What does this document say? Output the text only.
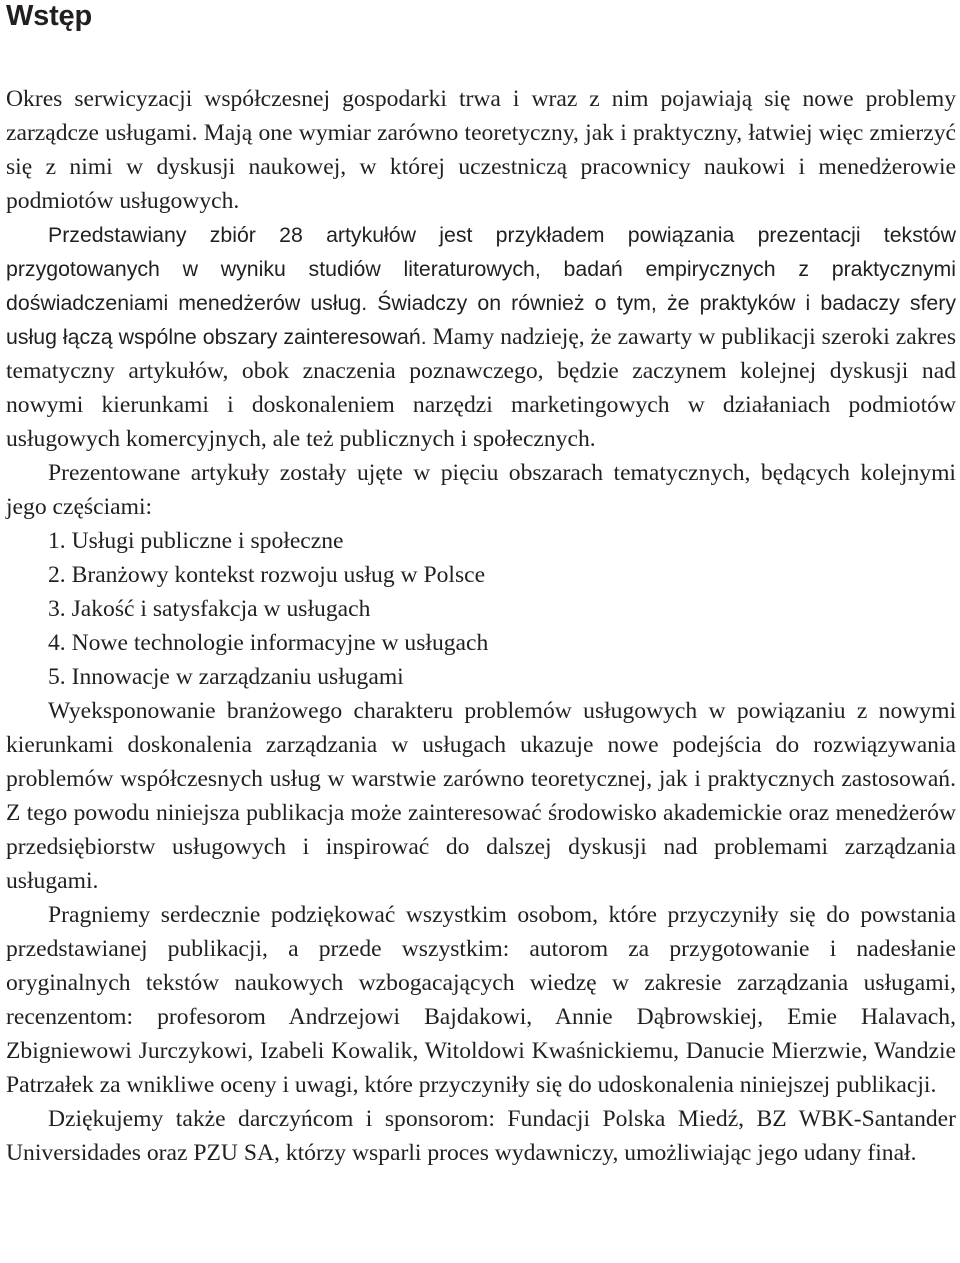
Wstęp

Okres serwicyzacji współczesnej gospodarki trwa i wraz z nim pojawiają się nowe problemy zarządcze usługami. Mają one wymiar zarówno teoretyczny, jak i praktyczny, łatwiej więc zmierzyć się z nimi w dyskusji naukowej, w której uczestniczą pracownicy naukowi i menedżerowie podmiotów usługowych.

Przedstawiany zbiór 28 artykułów jest przykładem powiązania prezentacji tekstów przygotowanych w wyniku studiów literaturowych, badań empirycznych z praktycznymi doświadczeniami menedżerów usług. Świadczy on również o tym, że praktyków i badaczy sfery usług łączą wspólne obszary zainteresowań. Mamy nadzieję, że zawarty w publikacji szeroki zakres tematyczny artykułów, obok znaczenia poznawczego, będzie zaczynem kolejnej dyskusji nad nowymi kierunkami i doskonaleniem narzędzi marketingowych w działaniach podmiotów usługowych komercyjnych, ale też publicznych i społecznych.

Prezentowane artykuły zostały ujęte w pięciu obszarach tematycznych, będących kolejnymi jego częściami:

1. Usługi publiczne i społeczne
2. Branżowy kontekst rozwoju usług w Polsce
3. Jakość i satysfakcja w usługach
4. Nowe technologie informacyjne w usługach
5. Innowacje w zarządzaniu usługami

Wyeksponowanie branżowego charakteru problemów usługowych w powiązaniu z nowymi kierunkami doskonalenia zarządzania w usługach ukazuje nowe podejścia do rozwiązywania problemów współczesnych usług w warstwie zarówno teoretycznej, jak i praktycznych zastosowań. Z tego powodu niniejsza publikacja może zainteresować środowisko akademickie oraz menedżerów przedsiębiorstw usługowych i inspirować do dalszej dyskusji nad problemami zarządzania usługami.

Pragniemy serdecznie podziękować wszystkim osobom, które przyczyniły się do powstania przedstawianej publikacji, a przede wszystkim: autorom za przygotowanie i nadesłanie oryginalnych tekstów naukowych wzbogacających wiedzę w zakresie zarządzania usługami, recenzentom: profesorom Andrzejowi Bajdakowi, Annie Dąbrowskiej, Emie Halavach, Zbigniewowi Jurczykowi, Izabeli Kowalik, Witoldowi Kwaśnickiemu, Danucie Mierzwie, Wandzie Patrzałek za wnikliwe oceny i uwagi, które przyczyniły się do udoskonalenia niniejszej publikacji.

Dziękujemy także darczyńcom i sponsorom: Fundacji Polska Miedź, BZ WBK-Santander Universidades oraz PZU SA, którzy wsparli proces wydawniczy, umożliwiając jego udany finał.
